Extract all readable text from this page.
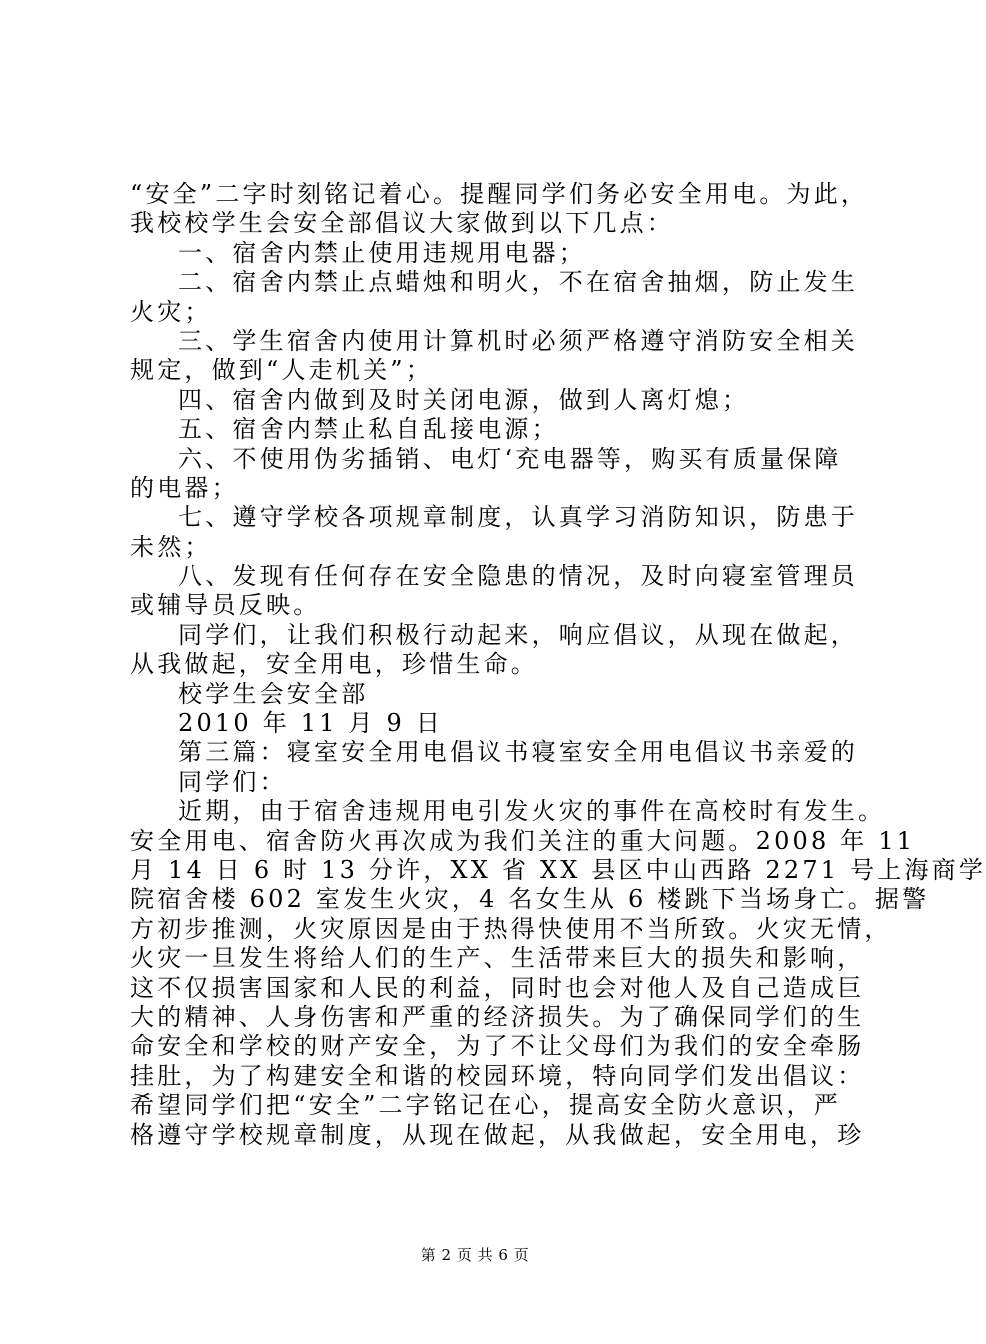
“安全”二字时刻铭记着心。提醒同学们务必安全用电。为此，
我校校学生会安全部倡议大家做到以下几点：
一、宿舍内禁止使用违规用电器；
二、宿舍内禁止点蜡烛和明火，不在宿舍抽烟，防止发生
火灾；
三、学生宿舍内使用计算机时必须严格遵守消防安全相关
规定，做到“人走机关”；
四、宿舍内做到及时关闭电源，做到人离灯熄；
五、宿舍内禁止私自乱接电源；
六、不使用伪劣插销、电灯‘充电器等，购买有质量保障
的电器；
七、遵守学校各项规章制度，认真学习消防知识，防患于
未然；
八、发现有任何存在安全隐患的情况，及时向寝室管理员
或辅导员反映。
同学们，让我们积极行动起来，响应倡议，从现在做起，
从我做起，安全用电，珍惜生命。
校学生会安全部
2010 年 11 月 9 日
第三篇：寝室安全用电倡议书寝室安全用电倡议书亲爱的
同学们：
近期，由于宿舍违规用电引发火灾的事件在高校时有发生。
安全用电、宿舍防火再次成为我们关注的重大问题。2008 年 11
月 14 日 6 时 13 分许，XX 省 XX 县区中山西路 2271 号上海商学
院宿舍楼 602 室发生火灾，4 名女生从 6 楼跳下当场身亡。据警
方初步推测，火灾原因是由于热得快使用不当所致。火灾无情，
火灾一旦发生将给人们的生产、生活带来巨大的损失和影响，
这不仅损害国家和人民的利益，同时也会对他人及自己造成巨
大的精神、人身伤害和严重的经济损失。为了确保同学们的生
命安全和学校的财产安全，为了不让父母们为我们的安全牵肠
挂肚，为了构建安全和谐的校园环境，特向同学们发出倡议：
希望同学们把“安全”二字铭记在心，提高安全防火意识，严
格遵守学校规章制度，从现在做起，从我做起，安全用电，珍
第 2 页 共 6 页
